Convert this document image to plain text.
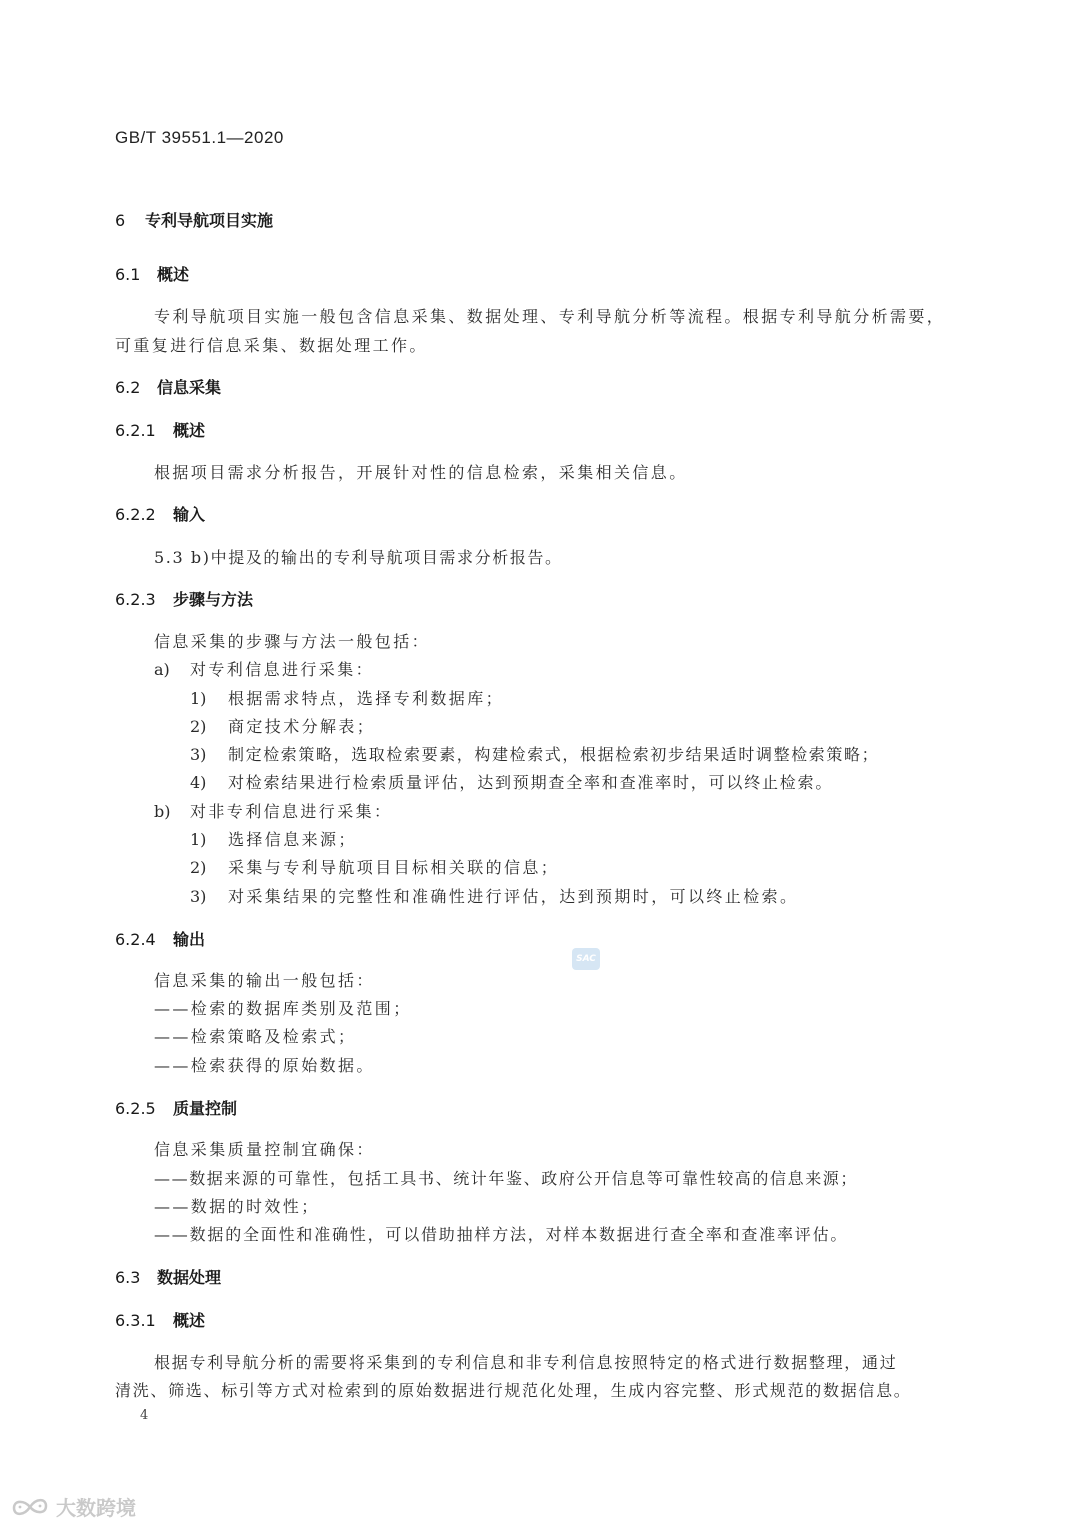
GB/T 39551.1—2020
6 专利导航项目实施
6.1 概述
专利导航项目实施一般包含信息采集、数据处理、专利导航分析等流程。根据专利导航分析需要，
可重复进行信息采集、数据处理工作。
6.2 信息采集
6.2.1 概述
根据项目需求分析报告，开展针对性的信息检索，采集相关信息。
6.2.2 输入
5.3 b)中提及的输出的专利导航项目需求分析报告。
6.2.3 步骤与方法
信息采集的步骤与方法一般包括：
a) 对专利信息进行采集：
1) 根据需求特点，选择专利数据库；
2) 商定技术分解表；
3) 制定检索策略，选取检索要素，构建检索式，根据检索初步结果适时调整检索策略；
4) 对检索结果进行检索质量评估，达到预期查全率和查准率时，可以终止检索。
b) 对非专利信息进行采集：
1) 选择信息来源；
2) 采集与专利导航项目目标相关联的信息；
3) 对采集结果的完整性和准确性进行评估，达到预期时，可以终止检索。
6.2.4 输出
SAC
信息采集的输出一般包括：
——检索的数据库类别及范围；
——检索策略及检索式；
——检索获得的原始数据。
6.2.5 质量控制
信息采集质量控制宜确保：
——数据来源的可靠性，包括工具书、统计年鉴、政府公开信息等可靠性较高的信息来源；
——数据的时效性；
——数据的全面性和准确性，可以借助抽样方法，对样本数据进行查全率和查准率评估。
6.3 数据处理
6.3.1 概述
根据专利导航分析的需要将采集到的专利信息和非专利信息按照特定的格式进行数据整理，通过
清洗、筛选、标引等方式对检索到的原始数据进行规范化处理，生成内容完整、形式规范的数据信息。
4
大数跨境
